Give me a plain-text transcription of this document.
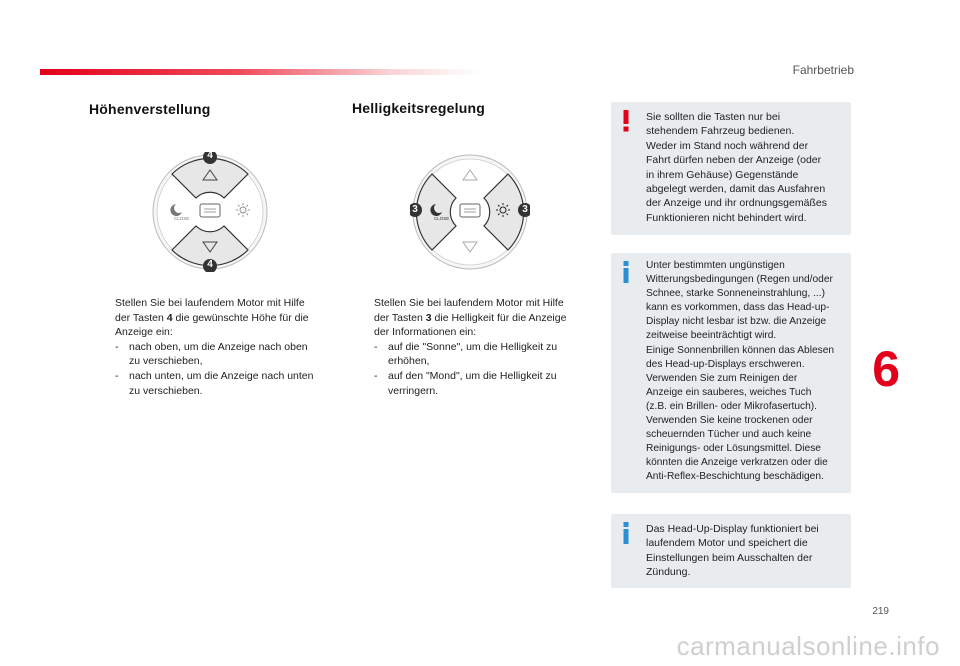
Fahrbetrieb
Höhenverstellung
CLOSE
4
4
Stellen Sie bei laufendem Motor mit Hilfe
der Tasten 4 die gewünschte Höhe für die
Anzeige ein:
- nach oben, um die Anzeige nach oben
zu verschieben,
- nach unten, um die Anzeige nach unten
zu verschieben.
Helligkeitsregelung
CLOSE
3	3
Stellen Sie bei laufendem Motor mit Hilfe
der Tasten 3 die Helligkeit für die Anzeige
der Informationen ein:
- auf die "Sonne", um die Helligkeit zu
erhöhen,
- auf den "Mond", um die Helligkeit zu
verringern.
Sie sollten die Tasten nur bei
stehendem Fahrzeug bedienen.
Weder im Stand noch während der
Fahrt dürfen neben der Anzeige (oder
in ihrem Gehäuse) Gegenstände
abgelegt werden, damit das Ausfahren
der Anzeige und ihr ordnungsgemäßes
Funktionieren nicht behindert wird.
Unter bestimmten ungünstigen
Witterungsbedingungen (Regen und/oder
Schnee, starke Sonneneinstrahlung, ...)
kann es vorkommen, dass das Head-up-
Display nicht lesbar ist bzw. die Anzeige
zeitweise beeinträchtigt wird.
Einige Sonnenbrillen können das Ablesen
des Head-up-Displays erschweren.
Verwenden Sie zum Reinigen der
Anzeige ein sauberes, weiches Tuch
(z.B. ein Brillen- oder Mikrofasertuch).
Verwenden Sie keine trockenen oder
scheuernden Tücher und auch keine
Reinigungs- oder Lösungsmittel. Diese
könnten die Anzeige verkratzen oder die
Anti-Reflex-Beschichtung beschädigen.
Das Head-Up-Display funktioniert bei
laufendem Motor und speichert die
Einstellungen beim Ausschalten der
Zündung.
6
219
carmanualsonline.info
